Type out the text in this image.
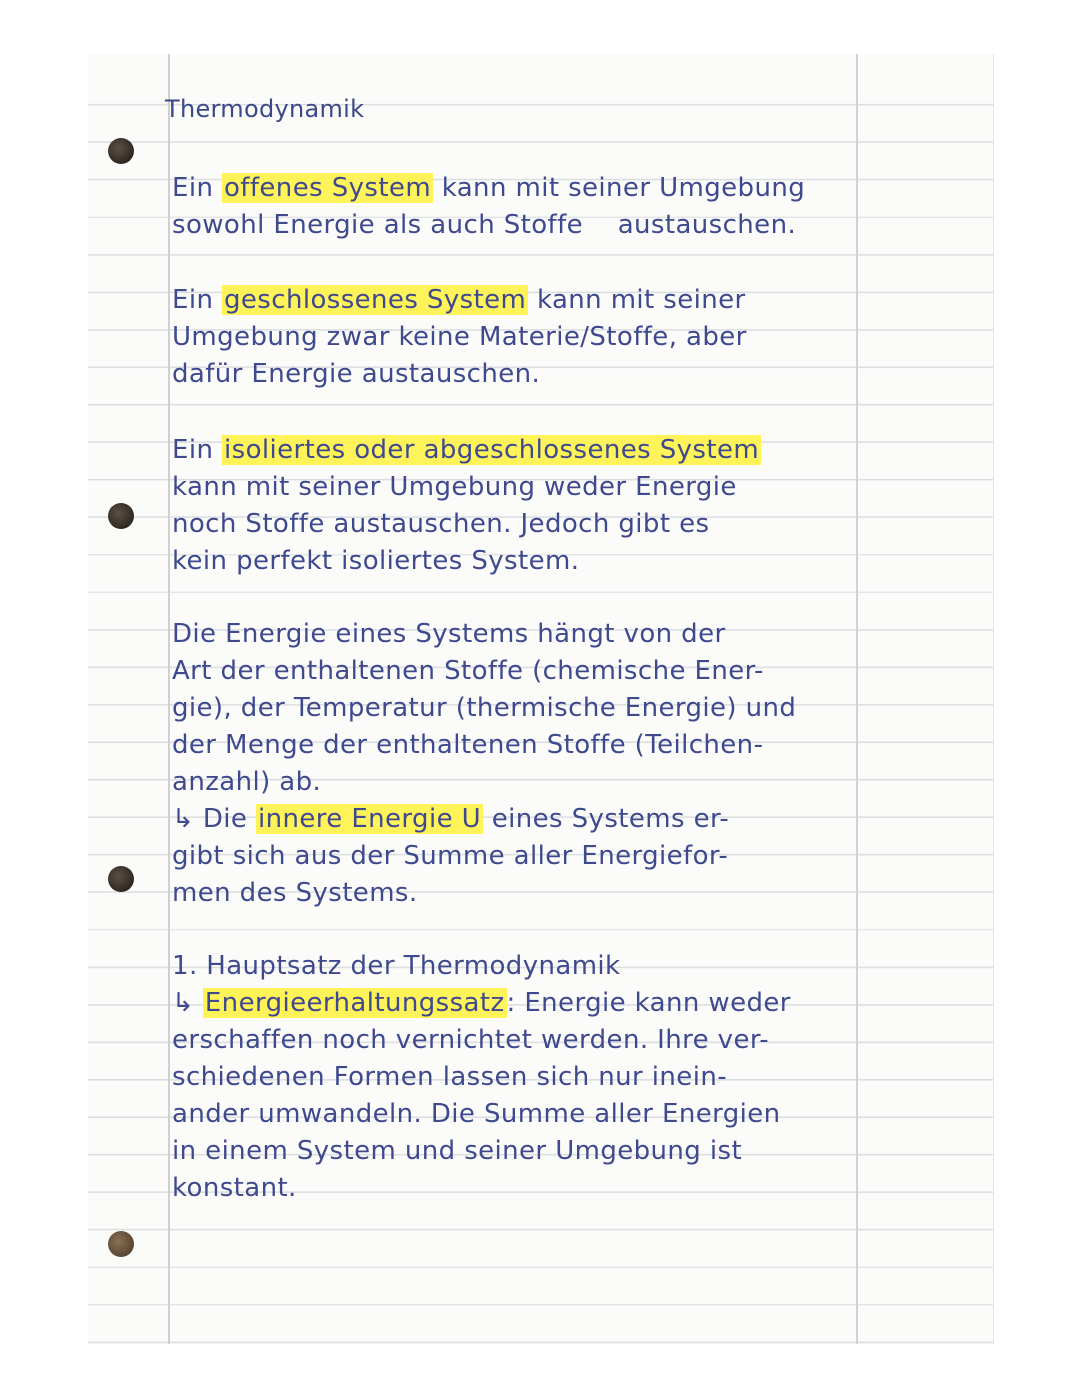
Thermodynamik
Ein offenes System kann mit seiner Umgebung
sowohl Energie als auch Stoffe    austauschen.
Ein geschlossenes System kann mit seiner
Umgebung zwar keine Materie/Stoffe, aber
dafür Energie austauschen.
Ein isoliertes oder abgeschlossenes System
kann mit seiner Umgebung weder Energie
noch Stoffe austauschen. Jedoch gibt es
kein perfekt isoliertes System.
Die Energie eines Systems hängt von der
Art der enthaltenen Stoffe (chemische Ener-
gie), der Temperatur (thermische Energie) und
der Menge der enthaltenen Stoffe (Teilchen-
anzahl) ab.
↳ Die innere Energie U eines Systems er-
gibt sich aus der Summe aller Energiefor-
men des Systems.
1. Hauptsatz der Thermodynamik
↳ Energieerhaltungssatz: Energie kann weder
erschaffen noch vernichtet werden. Ihre ver-
schiedenen Formen lassen sich nur inein-
ander umwandeln. Die Summe aller Energien
in einem System und seiner Umgebung ist
konstant.
